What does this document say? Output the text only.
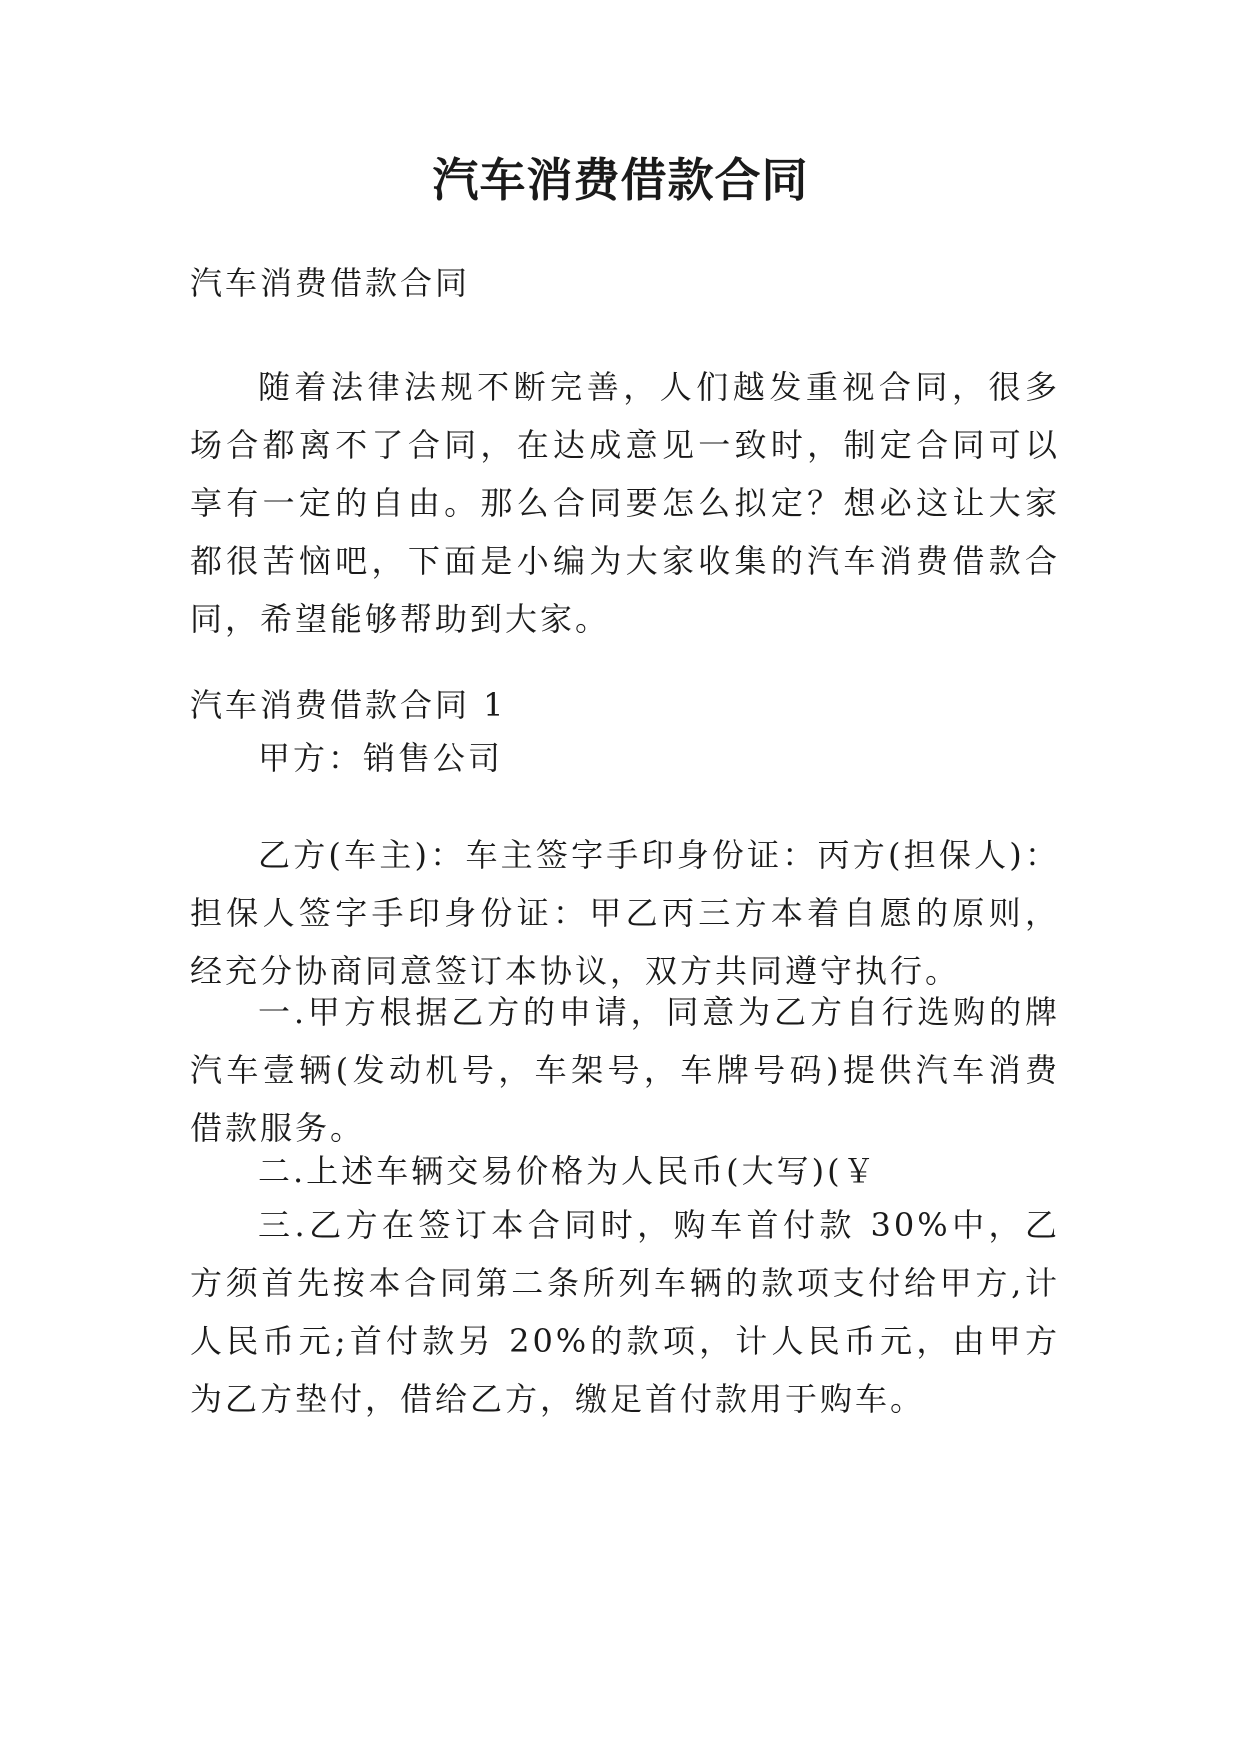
汽车消费借款合同
汽车消费借款合同
随着法律法规不断完善，人们越发重视合同，很多场合都离不了合同，在达成意见一致时，制定合同可以享有一定的自由。那么合同要怎么拟定？想必这让大家都很苦恼吧，下面是小编为大家收集的汽车消费借款合同，希望能够帮助到大家。
汽车消费借款合同 1
甲方：销售公司
乙方(车主)：车主签字手印身份证：丙方(担保人)：担保人签字手印身份证：甲乙丙三方本着自愿的原则，经充分协商同意签订本协议，双方共同遵守执行。
一.甲方根据乙方的申请，同意为乙方自行选购的牌汽车壹辆(发动机号，车架号，车牌号码)提供汽车消费借款服务。
二.上述车辆交易价格为人民币(大写)(￥
三.乙方在签订本合同时，购车首付款 30%中，乙方须首先按本合同第二条所列车辆的款项支付给甲方,计人民币元;首付款另 20%的款项，计人民币元，由甲方为乙方垫付，借给乙方，缴足首付款用于购车。
